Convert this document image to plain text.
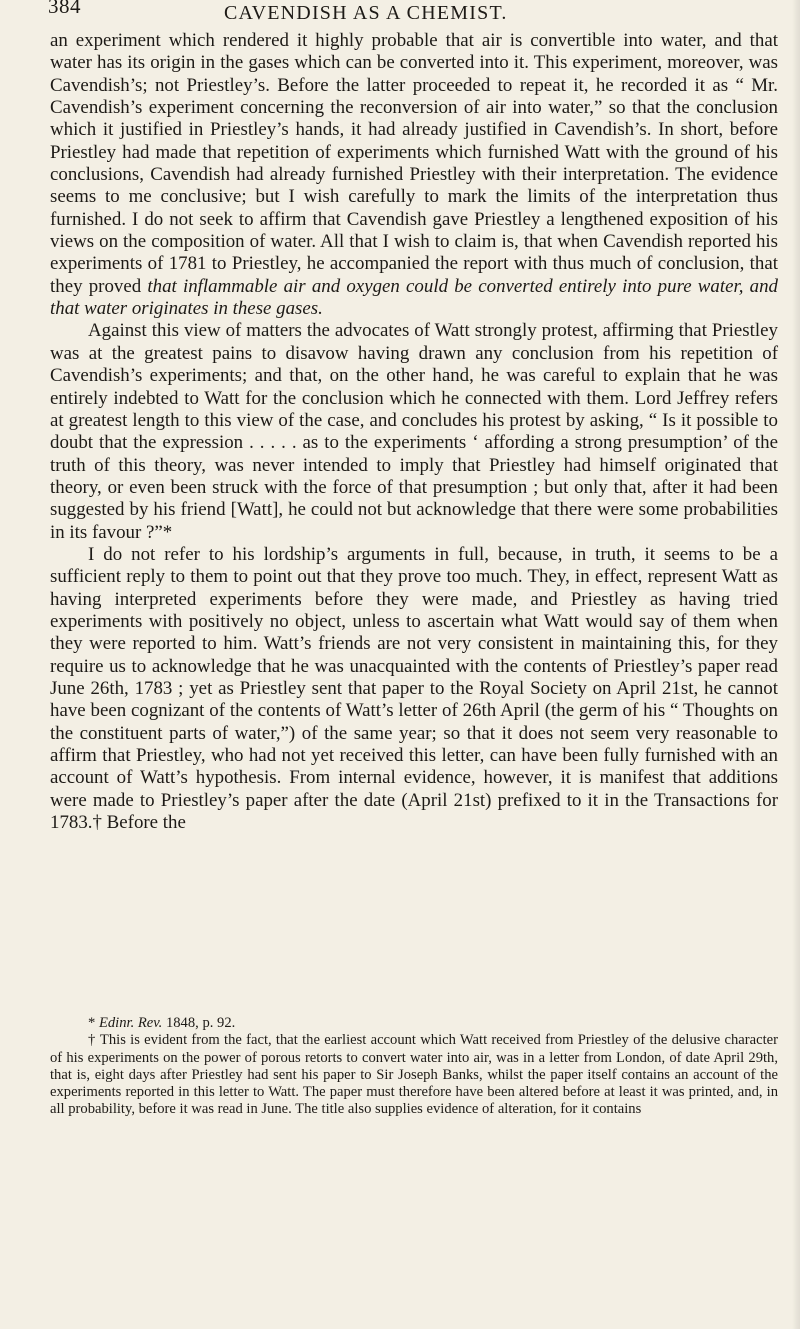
384	CAVENDISH AS A CHEMIST.

an experiment which rendered it highly probable that air is convertible into water, and that water has its origin in the gases which can be converted into it. This experiment, moreover, was Cavendish’s; not Priestley’s. Before the latter proceeded to repeat it, he recorded it as “ Mr. Cavendish’s experiment concerning the reconversion of air into water,” so that the conclusion which it justified in Priestley’s hands, it had already justified in Cavendish’s. In short, before Priestley had made that repetition of experiments which furnished Watt with the ground of his conclusions, Cavendish had already furnished Priestley with their interpretation. The evidence seems to me conclusive; but I wish carefully to mark the limits of the interpretation thus furnished. I do not seek to affirm that Cavendish gave Priestley a lengthened exposition of his views on the composition of water. All that I wish to claim is, that when Cavendish reported his experiments of 1781 to Priestley, he accompanied the report with thus much of conclusion, that they proved that inflammable air and oxygen could be converted entirely into pure water, and that water originates in these gases.

Against this view of matters the advocates of Watt strongly protest, affirming that Priestley was at the greatest pains to disavow having drawn any conclusion from his repetition of Cavendish’s experiments; and that, on the other hand, he was careful to explain that he was entirely indebted to Watt for the conclusion which he connected with them. Lord Jeffrey refers at greatest length to this view of the case, and concludes his protest by asking, “ Is it possible to doubt that the expression . . . . . as to the experiments ‘ affording a strong presumption’ of the truth of this theory, was never intended to imply that Priestley had himself originated that theory, or even been struck with the force of that presumption ; but only that, after it had been suggested by his friend [Watt], he could not but acknowledge that there were some probabilities in its favour ?”*

I do not refer to his lordship’s arguments in full, because, in truth, it seems to be a sufficient reply to them to point out that they prove too much. They, in effect, represent Watt as having interpreted experiments before they were made, and Priestley as having tried experiments with positively no object, unless to ascertain what Watt would say of them when they were reported to him. Watt’s friends are not very consistent in maintaining this, for they require us to acknowledge that he was unacquainted with the contents of Priestley’s paper read June 26th, 1783 ; yet as Priestley sent that paper to the Royal Society on April 21st, he cannot have been cognizant of the contents of Watt’s letter of 26th April (the germ of his “ Thoughts on the constituent parts of water,”) of the same year; so that it does not seem very reasonable to affirm that Priestley, who had not yet received this letter, can have been fully furnished with an account of Watt’s hypothesis. From internal evidence, however, it is manifest that additions were made to Priestley’s paper after the date (April 21st) prefixed to it in the Transactions for 1783.† Before the

* Edinr. Rev. 1848, p. 92.

† This is evident from the fact, that the earliest account which Watt received from Priestley of the delusive character of his experiments on the power of porous retorts to convert water into air, was in a letter from London, of date April 29th, that is, eight days after Priestley had sent his paper to Sir Joseph Banks, whilst the paper itself contains an account of the experiments reported in this letter to Watt. The paper must therefore have been altered before at least it was printed, and, in all probability, before it was read in June. The title also supplies evidence of alteration, for it contains
